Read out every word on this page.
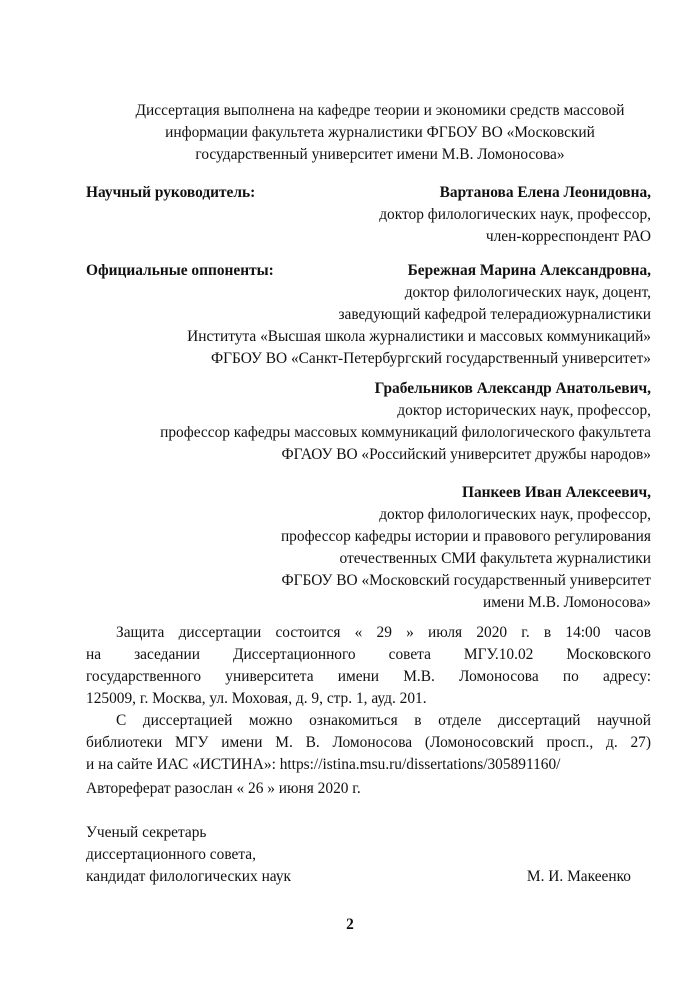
Диссертация выполнена на кафедре теории и экономики средств массовой
информации факультета журналистики ФГБОУ ВО «Московский
государственный университет имени М.В. Ломоносова»
Научный руководитель:	Вартанова Елена Леонидовна,
доктор филологических наук, профессор,
член-корреспондент РАО
Официальные оппоненты:	Бережная Марина Александровна,
доктор филологических наук, доцент,
заведующий кафедрой телерадиожурналистики
Института «Высшая школа журналистики и массовых коммуникаций»
ФГБОУ ВО «Санкт-Петербургский государственный университет»
Грабельников Александр Анатольевич,
доктор исторических наук, профессор,
профессор кафедры массовых коммуникаций филологического факультета
ФГАОУ ВО «Российский университет дружбы народов»
Панкеев Иван Алексеевич,
доктор филологических наук, профессор,
профессор кафедры истории и правового регулирования
отечественных СМИ факультета журналистики
ФГБОУ ВО «Московский государственный университет
имени М.В. Ломоносова»
Защита диссертации состоится « 29 » июля 2020 г. в 14:00 часов
на заседании Диссертационного совета МГУ.10.02 Московского
государственного университета имени М.В. Ломоносова по адресу:
125009, г. Москва, ул. Моховая, д. 9, стр. 1, ауд. 201.
С диссертацией можно ознакомиться в отделе диссертаций научной
библиотеки МГУ имени М. В. Ломоносова (Ломоносовский просп., д. 27)
и на сайте ИАС «ИСТИНА»: https://istina.msu.ru/dissertations/305891160/
Автореферат разослан « 26 » июня 2020 г.
Ученый секретарь
диссертационного совета,
кандидат филологических наук	М. И. Макеенко
2
